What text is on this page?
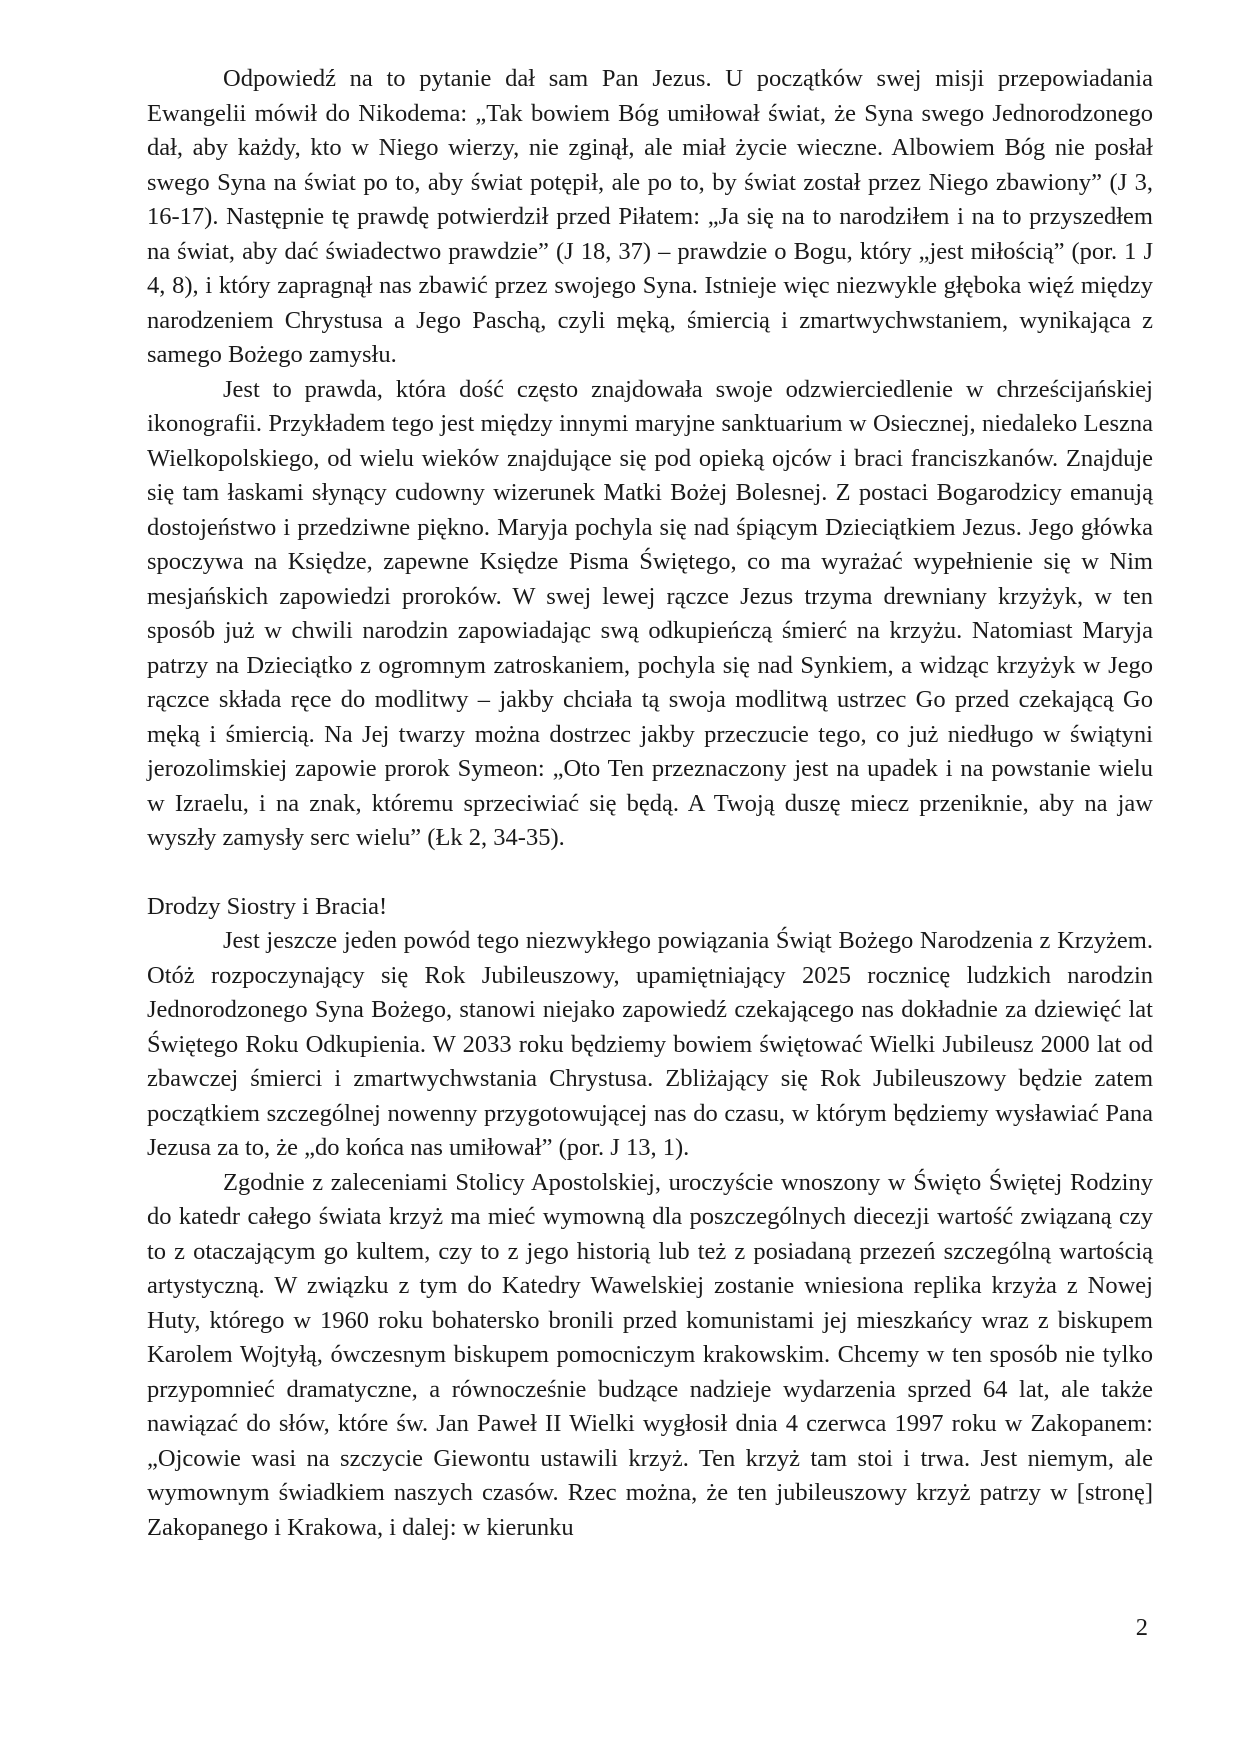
Odpowiedź na to pytanie dał sam Pan Jezus. U początków swej misji przepowiadania Ewangelii mówił do Nikodema: „Tak bowiem Bóg umiłował świat, że Syna swego Jednorodzonego dał, aby każdy, kto w Niego wierzy, nie zginął, ale miał życie wieczne. Albowiem Bóg nie posłał swego Syna na świat po to, aby świat potępił, ale po to, by świat został przez Niego zbawiony” (J 3, 16-17). Następnie tę prawdę potwierdził przed Piłatem: „Ja się na to narodziłem i na to przyszedłem na świat, aby dać świadectwo prawdzie” (J 18, 37) – prawdzie o Bogu, który „jest miłością” (por. 1 J 4, 8), i który zapragnął nas zbawić przez swojego Syna. Istnieje więc niezwykle głęboka więź między narodzeniem Chrystusa a Jego Paschą, czyli męką, śmiercią i zmartwychwstaniem, wynikająca z samego Bożego zamysłu.

Jest to prawda, która dość często znajdowała swoje odzwierciedlenie w chrześcijańskiej ikonografii. Przykładem tego jest między innymi maryjne sanktuarium w Osiecznej, niedaleko Leszna Wielkopolskiego, od wielu wieków znajdujące się pod opieką ojców i braci franciszkanów. Znajduje się tam łaskami słynący cudowny wizerunek Matki Bożej Bolesnej. Z postaci Bogarodzicy emanują dostojeństwo i przedziwne piękno. Maryja pochyla się nad śpiącym Dzieciątkiem Jezus. Jego główka spoczywa na Księdze, zapewne Księdze Pisma Świętego, co ma wyrażać wypełnienie się w Nim mesjańskich zapowiedzi proroków. W swej lewej rączce Jezus trzyma drewniany krzyżyk, w ten sposób już w chwili narodzin zapowiadając swą odkupieńczą śmierć na krzyżu. Natomiast Maryja patrzy na Dzieciątko z ogromnym zatroskaniem, pochyla się nad Synkiem, a widząc krzyżyk w Jego rączce składa ręce do modlitwy – jakby chciała tą swoja modlitwą ustrzec Go przed czekającą Go męką i śmiercią. Na Jej twarzy można dostrzec jakby przeczucie tego, co już niedługo w świątyni jerozolimskiej zapowie prorok Symeon: „Oto Ten przeznaczony jest na upadek i na powstanie wielu w Izraelu, i na znak, któremu sprzeciwiać się będą. A Twoją duszę miecz przeniknie, aby na jaw wyszły zamysły serc wielu” (Łk 2, 34-35).

Drodzy Siostry i Bracia!

Jest jeszcze jeden powód tego niezwykłego powiązania Świąt Bożego Narodzenia z Krzyżem. Otóż rozpoczynający się Rok Jubileuszowy, upamiętniający 2025 rocznicę ludzkich narodzin Jednorodzonego Syna Bożego, stanowi niejako zapowiedź czekającego nas dokładnie za dziewięć lat Świętego Roku Odkupienia. W 2033 roku będziemy bowiem świętować Wielki Jubileusz 2000 lat od zbawczej śmierci i zmartwychwstania Chrystusa. Zbliżający się Rok Jubileuszowy będzie zatem początkiem szczególnej nowenny przygotowującej nas do czasu, w którym będziemy wysławiać Pana Jezusa za to, że „do końca nas umiłował” (por. J 13, 1).

Zgodnie z zaleceniami Stolicy Apostolskiej, uroczyście wnoszony w Święto Świętej Rodziny do katedr całego świata krzyż ma mieć wymowną dla poszczególnych diecezji wartość związaną czy to z otaczającym go kultem, czy to z jego historią lub też z posiadaną przezeń szczególną wartością artystyczną. W związku z tym do Katedry Wawelskiej zostanie wniesiona replika krzyża z Nowej Huty, którego w 1960 roku bohatersko bronili przed komunistami jej mieszkańcy wraz z biskupem Karolem Wojtyłą, ówczesnym biskupem pomocniczym krakowskim. Chcemy w ten sposób nie tylko przypomnieć dramatyczne, a równocześnie budzące nadzieje wydarzenia sprzed 64 lat, ale także nawiązać do słów, które św. Jan Paweł II Wielki wygłosił dnia 4 czerwca 1997 roku w Zakopanem: „Ojcowie wasi na szczycie Giewontu ustawili krzyż. Ten krzyż tam stoi i trwa. Jest niemym, ale wymownym świadkiem naszych czasów. Rzec można, że ten jubileuszowy krzyż patrzy w [stronę] Zakopanego i Krakowa, i dalej: w kierunku

2
